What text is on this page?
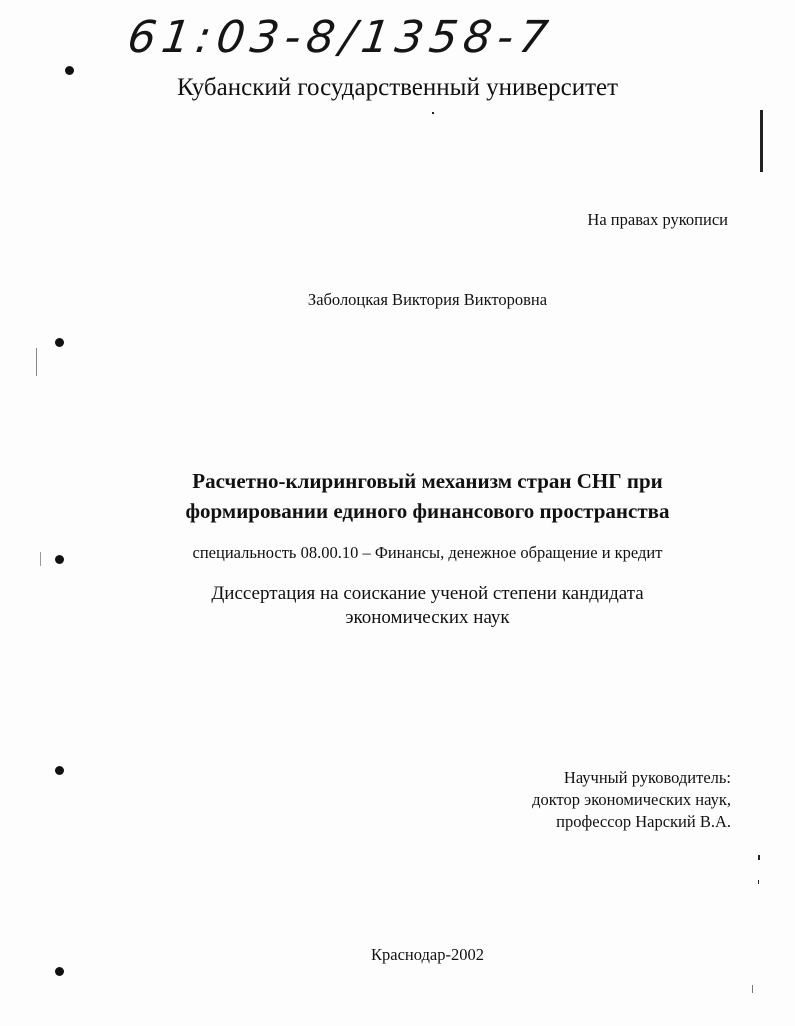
61:03-8/1358-7
Кубанский государственный университет
На правах рукописи
Заболоцкая Виктория Викторовна
Расчетно-клиринговый механизм стран СНГ при
формировании единого финансового пространства
специальность 08.00.10 – Финансы, денежное обращение и кредит
Диссертация на соискание ученой степени кандидата
экономических наук
Научный руководитель:
доктор экономических наук,
профессор Нарский В.А.
Краснодар-2002
